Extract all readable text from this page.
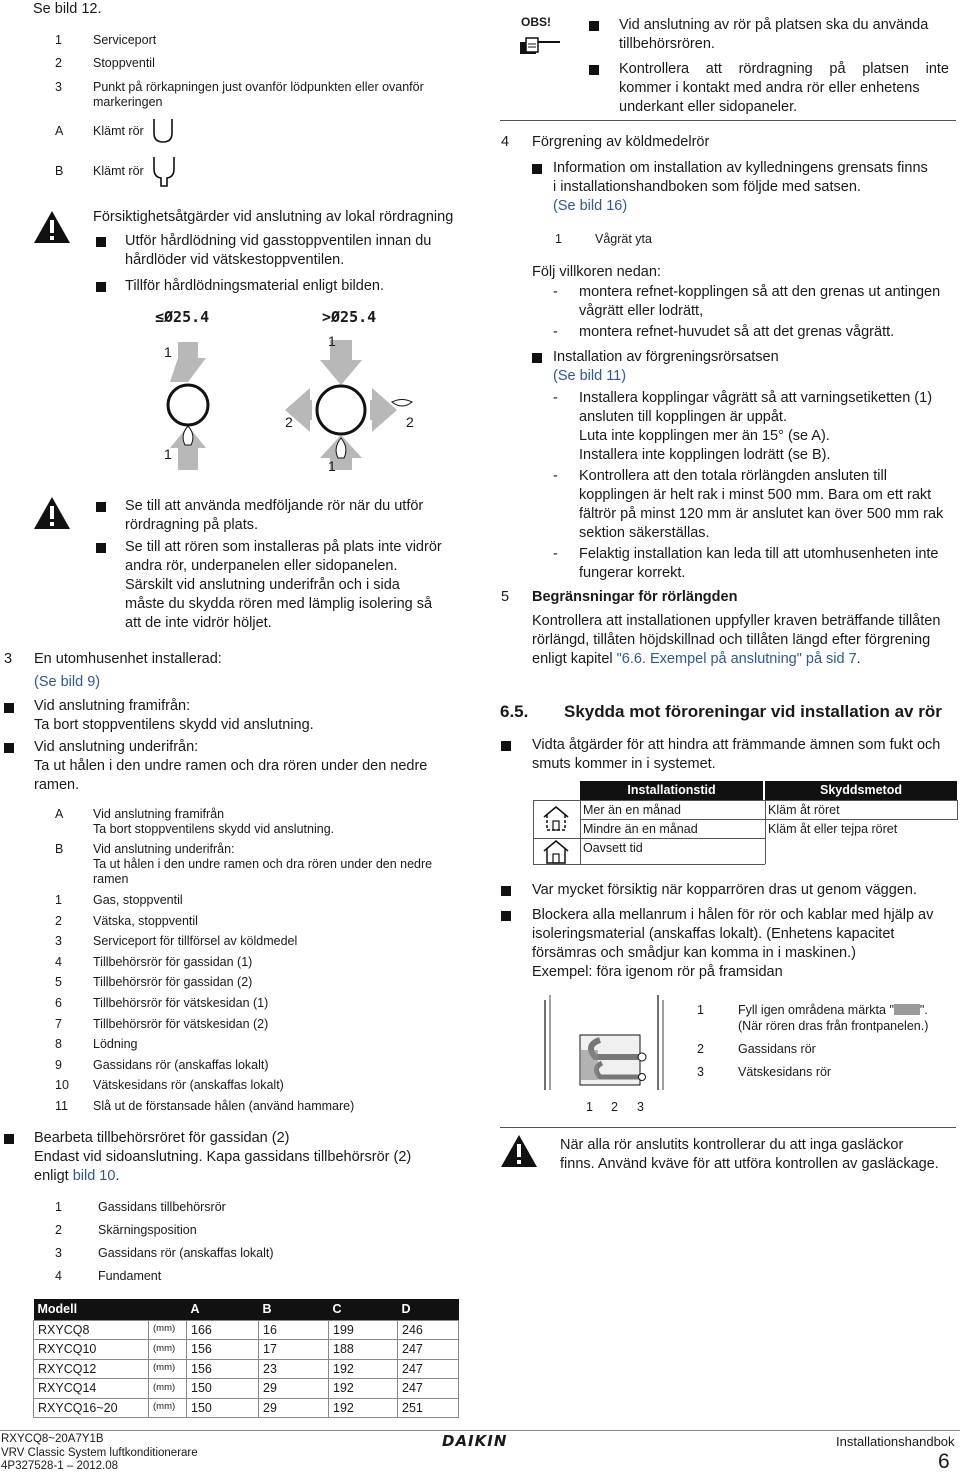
Se bild 12.
1 Serviceport
2 Stoppventil
3 Punkt på rörkapningen just ovanför lödpunkten eller ovanför
markeringen
A Klämt rör
B Klämt rör
Försiktighetsåtgärder vid anslutning av lokal rördragning
Utför hårdlödning vid gasstoppventilen innan du
hårdlöder vid vätskestoppventilen.
Tillför hårdlödningsmaterial enligt bilden.
≤Ø25.4	>Ø25.4
1
1
1
1
2	2
Se till att använda medföljande rör när du utför
rördragning på plats.
Se till att rören som installeras på plats inte vidrör
andra rör, underpanelen eller sidopanelen.
Särskilt vid anslutning underifrån och i sida
måste du skydda rören med lämplig isolering så
att de inte vidrör höljet.
3 En utomhusenhet installerad:
(Se bild 9)
Vid anslutning framifrån:
Ta bort stoppventilens skydd vid anslutning.
Vid anslutning underifrån:
Ta ut hålen i den undre ramen och dra rören under den nedre
ramen.
A Vid anslutning framifrån
Ta bort stoppventilens skydd vid anslutning.
B Vid anslutning underifrån:
Ta ut hålen i den undre ramen och dra rören under den nedre
ramen
1 Gas, stoppventil
2 Vätska, stoppventil
3 Serviceport för tillförsel av köldmedel
4 Tillbehörsrör för gassidan (1)
5 Tillbehörsrör för gassidan (2)
6 Tillbehörsrör för vätskesidan (1)
7 Tillbehörsrör för vätskesidan (2)
8 Lödning
9 Gassidans rör (anskaffas lokalt)
10 Vätskesidans rör (anskaffas lokalt)
11 Slå ut de förstansade hålen (använd hammare)
Bearbeta tillbehörsröret för gassidan (2)
Endast vid sidoanslutning. Kapa gassidans tillbehörsrör (2)
enligt bild 10.
1	Gassidans tillbehörsrör
2	Skärningsposition
3	Gassidans rör (anskaffas lokalt)
4	Fundament
Modell		A	B	C	D
RXYCQ8	(mm)	166	16	199	246
RXYCQ10	(mm)	156	17	188	247
RXYCQ12	(mm)	156	23	192	247
RXYCQ14	(mm)	150	29	192	247
RXYCQ16~20	(mm)	150	29	192	251
OBS!	Vid anslutning av rör på platsen ska du använda
tillbehörsrören.
Kontrollera att rördragning på platsen inte
kommer i kontakt med andra rör eller enhetens
underkant eller sidopaneler.
4 Förgrening av köldmedelrör
Information om installation av kylledningens grensats finns
i installationshandboken som följde med satsen.
(Se bild 16)
1	Vågrät yta
Följ villkoren nedan:
- montera refnet-kopplingen så att den grenas ut antingen
vågrätt eller lodrätt,
- montera refnet-huvudet så att det grenas vågrätt.
Installation av förgreningsrörsatsen
(Se bild 11)
- Installera kopplingar vågrätt så att varningsetiketten (1)
ansluten till kopplingen är uppåt.
Luta inte kopplingen mer än 15° (se A).
Installera inte kopplingen lodrätt (se B).
- Kontrollera att den totala rörlängden ansluten till
kopplingen är helt rak i minst 500 mm. Bara om ett rakt
fältrör på minst 120 mm är anslutet kan över 500 mm rak
sektion säkerställas.
- Felaktig installation kan leda till att utomhusenheten inte
fungerar korrekt.
5 Begränsningar för rörlängden
Kontrollera att installationen uppfyller kraven beträffande tillåten
rörlängd, tillåten höjdskillnad och tillåten längd efter förgrening
enligt kapitel "6.6. Exempel på anslutning" på sid 7.
6.5. Skydda mot föroreningar vid installation av rör
Vidta åtgärder för att hindra att främmande ämnen som fukt och
smuts kommer in i systemet.
Installationstid	Skyddsmetod
Mer än en månad	Kläm åt röret
Mindre än en månad	Kläm åt eller tejpa röret
Oavsett tid
Var mycket försiktig när kopparrören dras ut genom väggen.
Blockera alla mellanrum i hålen för rör och kablar med hjälp av
isoleringsmaterial (anskaffas lokalt). (Enhetens kapacitet
försämras och smådjur kan komma in i maskinen.)
Exempel: föra igenom rör på framsidan
1 2 3
1	Fyll igen områdena märkta " ".
(När rören dras från frontpanelen.)
2	Gassidans rör
3	Vätskesidans rör
När alla rör anslutits kontrollerar du att inga gasläckor
finns. Använd kväve för att utföra kontrollen av gasläckage.
RXYCQ8~20A7Y1B
VRV Classic System luftkonditionerare
4P327528-1 – 2012.08
DAIKIN	Installationshandbok
6
